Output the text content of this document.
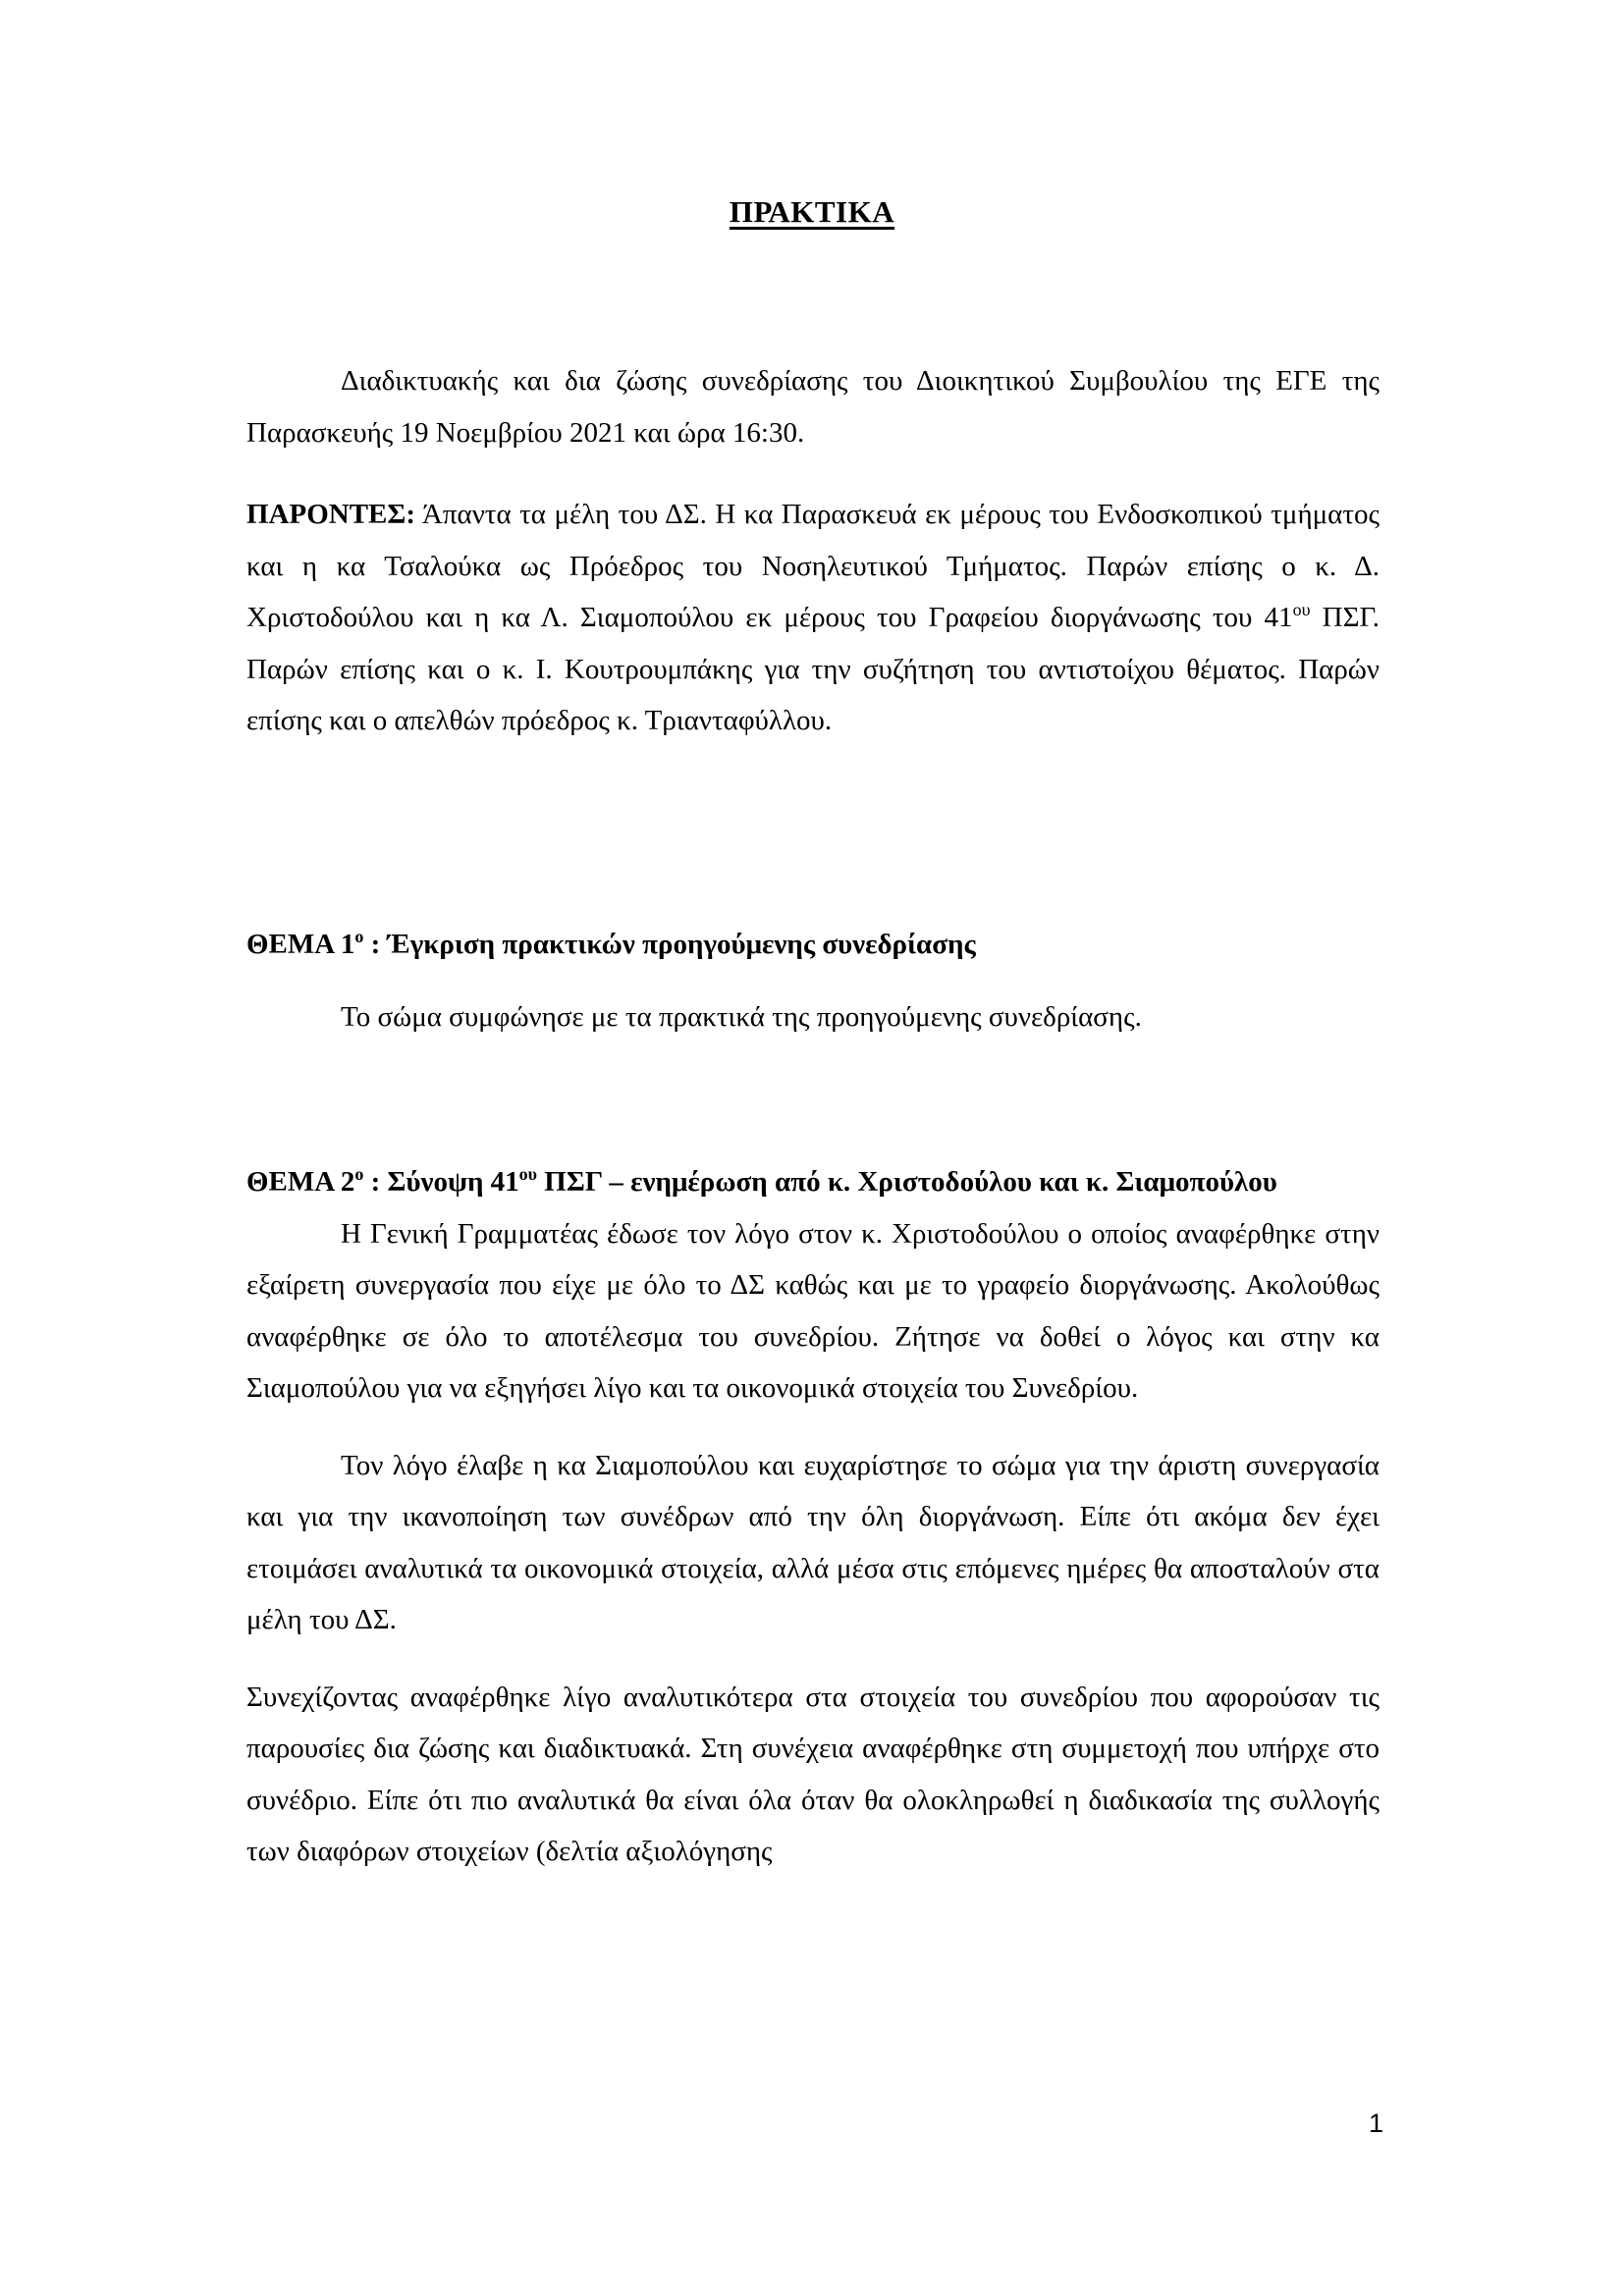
ΠΡΑΚΤΙΚΑ

Διαδικτυακής και δια ζώσης συνεδρίασης του Διοικητικού Συμβουλίου της ΕΓΕ της Παρασκευής 19 Νοεμβρίου 2021 και ώρα 16:30.

ΠΑΡΟΝΤΕΣ: Άπαντα τα μέλη του ΔΣ. Η κα Παρασκευά εκ μέρους του Ενδοσκοπικού τμήματος και η κα Τσαλούκα ως Πρόεδρος του Νοσηλευτικού Τμήματος. Παρών επίσης ο κ. Δ. Χριστοδούλου και η κα Λ. Σιαμοπούλου εκ μέρους του Γραφείου διοργάνωσης του $41^{o\upsilon}$ ΠΣΓ. Παρών επίσης και ο κ. Ι. Κουτρουμπάκης για την συζήτηση του αντιστοίχου θέματος. Παρών επίσης και ο απελθών πρόεδρος κ. Τριανταφύλλου.

ΘΕΜΑ $1^o$ : Έγκριση πρακτικών προηγούμενης συνεδρίασης

Το σώμα συμφώνησε με τα πρακτικά της προηγούμενης συνεδρίασης.

ΘΕΜΑ $2^o$ : Σύνοψη $41^{o\upsilon}$ ΠΣΓ – ενημέρωση από κ. Χριστοδούλου και κ. Σιαμοπούλου

Η Γενική Γραμματέας έδωσε τον λόγο στον κ. Χριστοδούλου ο οποίος αναφέρθηκε στην εξαίρετη συνεργασία που είχε με όλο το ΔΣ καθώς και με το γραφείο διοργάνωσης. Ακολούθως αναφέρθηκε σε όλο το αποτέλεσμα του συνεδρίου. Ζήτησε να δοθεί ο λόγος και στην κα Σιαμοπούλου για να εξηγήσει λίγο και τα οικονομικά στοιχεία του Συνεδρίου.

Τον λόγο έλαβε η κα Σιαμοπούλου και ευχαρίστησε το σώμα για την άριστη συνεργασία και για την ικανοποίηση των συνέδρων από την όλη διοργάνωση. Είπε ότι ακόμα δεν έχει ετοιμάσει αναλυτικά τα οικονομικά στοιχεία, αλλά μέσα στις επόμενες ημέρες θα αποσταλούν στα μέλη του ΔΣ.

Συνεχίζοντας αναφέρθηκε λίγο αναλυτικότερα στα στοιχεία του συνεδρίου που αφορούσαν τις παρουσίες δια ζώσης και διαδικτυακά. Στη συνέχεια αναφέρθηκε στη συμμετοχή που υπήρχε στο συνέδριο. Είπε ότι πιο αναλυτικά θα είναι όλα όταν θα ολοκληρωθεί η διαδικασία της συλλογής των διαφόρων στοιχείων (δελτία αξιολόγησης

1
